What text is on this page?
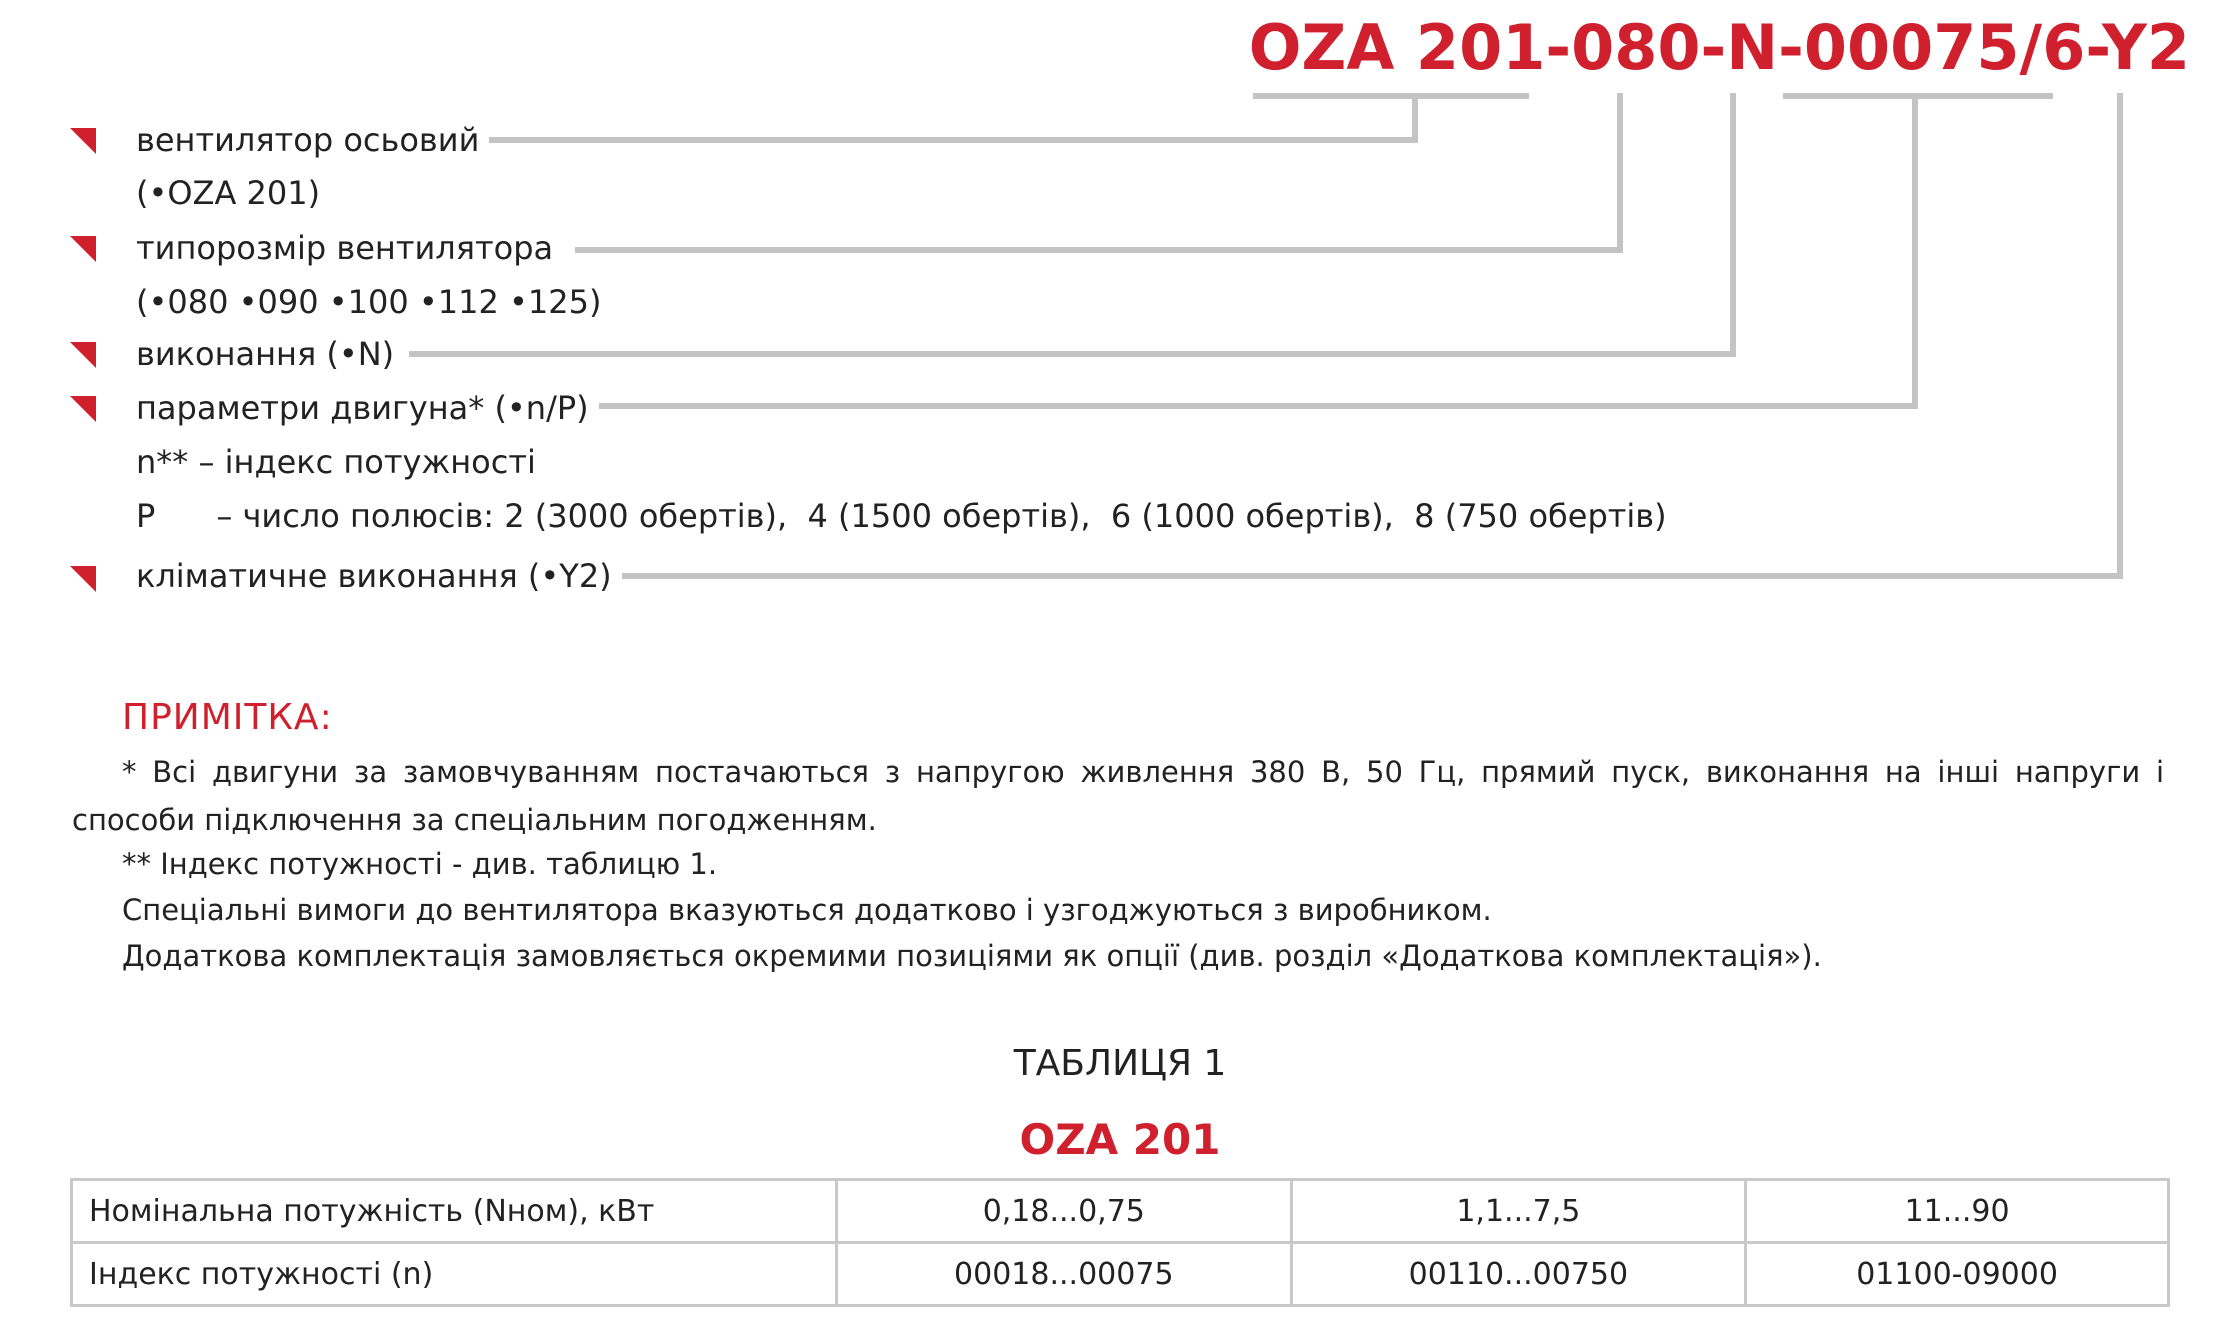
OZA 201-080-N-00075/6-Y2
вентилятор осьовий
(•OZA 201)
типорозмір вентилятора
(•080 •090 •100 •112 •125)
виконання (•N)
параметри двигуна* (•n/P)
n** – індекс потужності
P      – число полюсів: 2 (3000 обертів),  4 (1500 обертів),  6 (1000 обертів),  8 (750 обертів)
кліматичне виконання (•Y2)
ПРИМІТКА:
* Всі двигуни за замовчуванням постачаються з напругою живлення 380 В, 50 Гц, прямий пуск, виконання на інші напруги і способи підключення за спеціальним погодженням.
** Індекс потужності - див. таблицю 1.
Спеціальні вимоги до вентилятора вказуються додатково і узгоджуються з виробником.
Додаткова комплектація замовляється окремими позиціями як опції (див. розділ «Додаткова комплектація»).
ТАБЛИЦЯ 1
OZA 201
Номінальна потужність (Nном), кВт	0,18...0,75	1,1...7,5	11...90
Індекс потужності (n)	00018...00075	00110...00750	01100-09000
